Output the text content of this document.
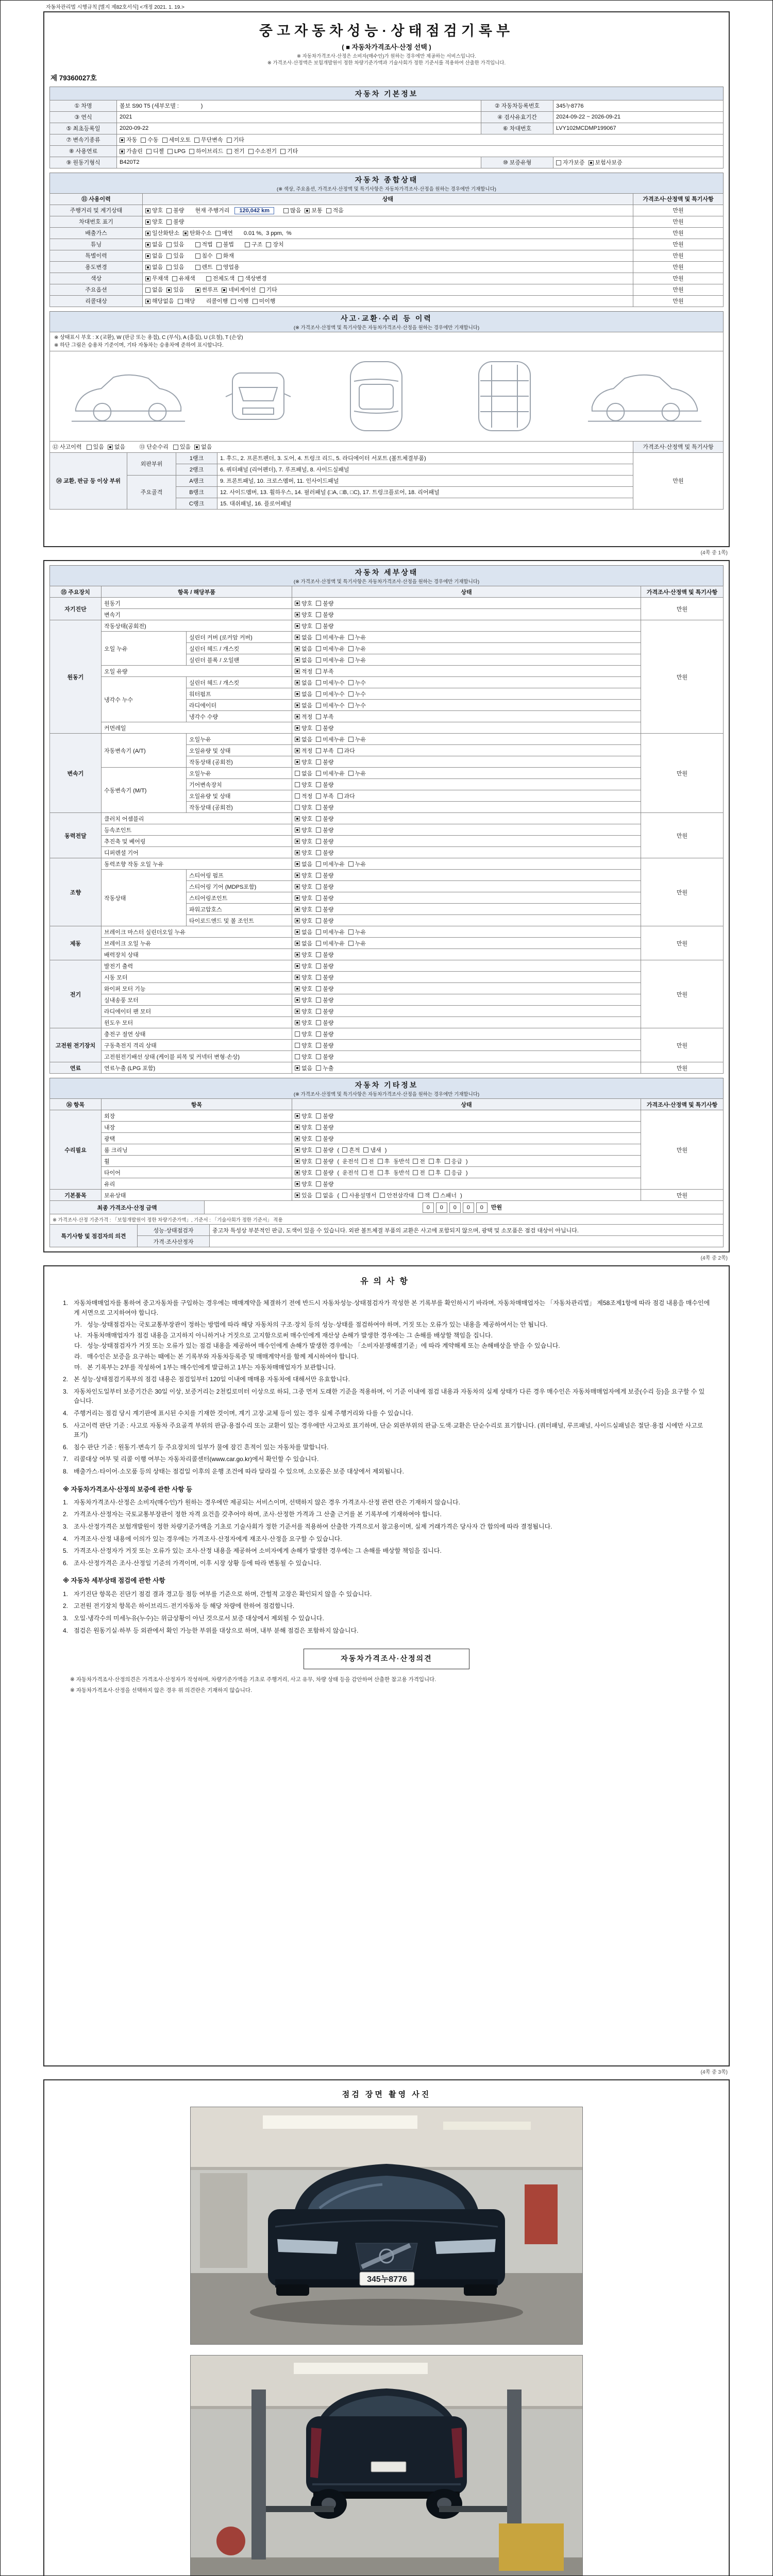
자동차관리법 시행규칙 [별지 제82호서식] <개정 2021. 1. 19.>
중고자동차성능·상태점검기록부
( ■ 자동차가격조사·산정 선택 )
※ 자동차가격조사·산정은 소비자(매수인)가 원하는 경우에만 제공하는 서비스입니다.
※ 가격조사·산정액은 보험개발원이 정한 차량기준가액과 기술사회가 정한 기준서를 적용하여 산출한 가격입니다.
제 79360027호
자동차 기본정보
① 차명	볼보 S90 T5 (세부모델 :              )	② 자동차등록번호	345누8776
③ 연식	2021	④ 검사유효기간	2024-09-22 ~ 2026-09-21
⑤ 최초등록일	2020-09-22	⑥ 차대번호	LVY102MCDMP199067
⑦ 변속기종류	자동 수동 세미오토 무단변속 기타		
⑧ 사용연료	가솔린 디젤 LPG 하이브리드 전기 수소전기 기타		
⑨ 원동기형식	B420T2	⑩ 보증유형	자가보증 보험사보증
자동차 종합상태
(※ 색상, 주요옵션, 가격조사·산정액 및 특기사항은 자동차가격조사·산정을 원하는 경우에만 기재합니다)
⑪ 사용이력	상태	가격조사·산정액 및 특기사항
주행거리 및 계기상태	양호 불량 현재 주행거리 120,042 km 많음 보통 적음	만원
차대번호 표기	양호 불량	만원
배출가스	일산화탄소 탄화수소 매연 0.01 %, 3 ppm, %	만원
튜닝	없음 있음 적법 불법 구조 장치	만원
특별이력	없음 있음 침수 화재	만원
용도변경	없음 있음 렌트 영업용	만원
색상	무채색 유채색 전체도색 색상변경	만원
주요옵션	없음 있음 썬루프 네비게이션 기타	만원
리콜대상	해당없음 해당 리콜이행 이행 미이행	만원
사고·교환·수리 등 이력
(※ 가격조사·산정액 및 특기사항은 자동차가격조사·산정을 원하는 경우에만 기재합니다)
※ 상태표시 부호 : X (교환), W (판금 또는 용접), C (부식), A (흠집), U (요철), T (손상)
※ 하단 그림은 승용차 기준이며, 기타 자동차는 승용차에 준하여 표시합니다.
⑫ 사고이력 있음 없음 ⑬ 단순수리 있음 없음				가격조사·산정액 및 특기사항
⑭ 교환, 판금 등 이상 부위	외판부위	1랭크	1. 후드, 2. 프론트펜더, 3. 도어, 4. 트렁크 리드, 5. 라디에이터 서포트 (볼트체결부품)	만원
		2랭크	6. 쿼터패널 (리어펜더), 7. 루프패널, 8. 사이드실패널	
	주요골격	A랭크	9. 프론트패널, 10. 크로스멤버, 11. 인사이드패널	
		B랭크	12. 사이드멤버, 13. 휠하우스, 14. 필러패널 (□A, □B, □C), 17. 트렁크플로어, 18. 리어패널	
		C랭크	15. 대쉬패널, 16. 플로어패널	
(4쪽 중 1쪽)
자동차 세부상태
(※ 가격조사·산정액 및 특기사항은 자동차가격조사·산정을 원하는 경우에만 기재합니다)
⑮ 주요장치	항목 / 해당부품		상태	가격조사·산정액 및 특기사항
자기진단	원동기		양호 불량	만원
	변속기		양호 불량	
원동기	작동상태(공회전)		양호 불량	만원
	오일 누유	실린더 커버 (로커암 커버)	없음 미세누유 누유	
		실린더 헤드 / 개스킷	없음 미세누유 누유	
		실린더 블록 / 오일팬	없음 미세누유 누유	
	오일 유량		적정 부족	
	냉각수 누수	실린더 헤드 / 개스킷	없음 미세누수 누수	
		워터펌프	없음 미세누수 누수	
		라디에이터	없음 미세누수 누수	
		냉각수 수량	적정 부족	
	커먼레일		양호 불량	
변속기	자동변속기 (A/T)	오일누유	없음 미세누유 누유	만원
		오일유량 및 상태	적정 부족 과다	
		작동상태 (공회전)	양호 불량	
	수동변속기 (M/T)	오일누유	없음 미세누유 누유	
		기어변속장치	양호 불량	
		오일유량 및 상태	적정 부족 과다	
		작동상태 (공회전)	양호 불량	
동력전달	클러치 어셈블리		양호 불량	만원
	등속조인트		양호 불량	
	추진축 및 베어링		양호 불량	
	디퍼렌셜 기어		양호 불량	
조향	동력조향 작동 오일 누유		없음 미세누유 누유	만원
	작동상태	스티어링 펌프	양호 불량	
		스티어링 기어 (MDPS포함)	양호 불량	
		스티어링조인트	양호 불량	
		파워고압호스	양호 불량	
		타이로드엔드 및 볼 조인트	양호 불량	
제동	브레이크 마스터 실린더오일 누유		없음 미세누유 누유	만원
	브레이크 오일 누유		없음 미세누유 누유	
	배력장치 상태		양호 불량	
전기	발전기 출력		양호 불량	만원
	시동 모터		양호 불량	
	와이퍼 모터 기능		양호 불량	
	실내송풍 모터		양호 불량	
	라디에이터 팬 모터		양호 불량	
	윈도우 모터		양호 불량	
고전원 전기장치	충전구 절연 상태		양호 불량	만원
	구동축전지 격리 상태		양호 불량	
	고전원전기배선 상태 (케이블 피복 및 커넥터 변형·손상)		양호 불량	
연료	연료누출 (LPG 포함)		없음 누출	만원
자동차 기타정보
(※ 가격조사·산정액 및 특기사항은 자동차가격조사·산정을 원하는 경우에만 기재합니다)
⑯ 항목	항목	상태	가격조사·산정액 및 특기사항
수리필요	외장	양호 불량	만원
	내장	양호 불량	
	광택	양호 불량	
	룸 크리닝	양호 불량 ( 흔적 냄새 )	
	휠	양호 불량 ( 운전석 전 후 동반석 전 후 응급 )	
	타이어	양호 불량 ( 운전석 전 후 동반석 전 후 응급 )	
	유리	양호 불량	
기본품목	보유상태	있음 없음 ( 사용설명서 안전삼각대 잭 스패너 )	만원
최종 가격조사·산정 금액	0 0 0 0 0 만원
※ 가격조사·산정 기준가격 : 「보험개발원이 정한 차량기준가액」, 기준서 : 「기술사회가 정한 기준서」 적용
특기사항 및 점검자의 의견	성능·상태점검자	중고차 특성상 부분적인 판금, 도색이 있을 수 있습니다. 외판 볼트체결 부품의 교환은 사고에 포함되지 않으며, 광택 및 소모품은 점검 대상이 아닙니다.
	가격·조사산정자	
(4쪽 중 2쪽)
유의사항
1. 자동차매매업자를 통하여 중고자동차를 구입하는 경우에는 매매계약을 체결하기 전에 반드시 자동차성능·상태점검자가 작성한 본 기록부를 확인하시기 바라며, 자동차매매업자는 「자동차관리법」 제58조제1항에 따라 점검 내용을 매수인에게 서면으로 고지하여야 합니다.
가. 성능·상태점검자는 국토교통부장관이 정하는 방법에 따라 해당 자동차의 구조·장치 등의 성능·상태를 점검하여야 하며, 거짓 또는 오류가 있는 내용을 제공하여서는 안 됩니다.
나. 자동차매매업자가 점검 내용을 고지하지 아니하거나 거짓으로 고지함으로써 매수인에게 재산상 손해가 발생한 경우에는 그 손해를 배상할 책임을 집니다.
다. 성능·상태점검자가 거짓 또는 오류가 있는 점검 내용을 제공하여 매수인에게 손해가 발생한 경우에는 「소비자분쟁해결기준」에 따라 계약해제 또는 손해배상을 받을 수 있습니다.
라. 매수인은 보증을 요구하는 때에는 본 기록부와 자동차등록증 및 매매계약서를 함께 제시하여야 합니다.
마. 본 기록부는 2부를 작성하여 1부는 매수인에게 발급하고 1부는 자동차매매업자가 보관합니다.
2. 본 성능·상태점검기록부의 점검 내용은 점검일부터 120일 이내에 매매용 자동차에 대해서만 유효합니다.
3. 자동차인도일부터 보증기간은 30일 이상, 보증거리는 2천킬로미터 이상으로 하되, 그중 먼저 도래한 기준을 적용하며, 이 기준 이내에 점검 내용과 자동차의 실제 상태가 다른 경우 매수인은 자동차매매업자에게 보증(수리 등)을 요구할 수 있습니다.
4. 주행거리는 점검 당시 계기판에 표시된 수치를 기재한 것이며, 계기 고장·교체 등이 있는 경우 실제 주행거리와 다를 수 있습니다.
5. 사고이력 판단 기준 : 사고로 자동차 주요골격 부위의 판금·용접수리 또는 교환이 있는 경우에만 사고차로 표기하며, 단순 외판부위의 판금·도색·교환은 단순수리로 표기합니다. (쿼터패널, 루프패널, 사이드실패널은 절단·용접 시에만 사고로 표기)
6. 침수 판단 기준 : 원동기·변속기 등 주요장치의 일부가 물에 잠긴 흔적이 있는 자동차를 말합니다.
7. 리콜대상 여부 및 리콜 이행 여부는 자동차리콜센터(www.car.go.kr)에서 확인할 수 있습니다.
8. 배출가스·타이어·소모품 등의 상태는 점검일 이후의 운행 조건에 따라 달라질 수 있으며, 소모품은 보증 대상에서 제외됩니다.
※ 자동차가격조사·산정의 보증에 관한 사항 등
1. 자동차가격조사·산정은 소비자(매수인)가 원하는 경우에만 제공되는 서비스이며, 선택하지 않은 경우 가격조사·산정 관련 란은 기재하지 않습니다.
2. 가격조사·산정자는 국토교통부장관이 정한 자격 요건을 갖추어야 하며, 조사·산정한 가격과 그 산출 근거를 본 기록부에 기재하여야 합니다.
3. 조사·산정가격은 보험개발원이 정한 차량기준가액을 기초로 기술사회가 정한 기준서를 적용하여 산출한 가격으로서 참고용이며, 실제 거래가격은 당사자 간 합의에 따라 결정됩니다.
4. 가격조사·산정 내용에 이의가 있는 경우에는 가격조사·산정자에게 재조사·산정을 요구할 수 있습니다.
5. 가격조사·산정자가 거짓 또는 오류가 있는 조사·산정 내용을 제공하여 소비자에게 손해가 발생한 경우에는 그 손해를 배상할 책임을 집니다.
6. 조사·산정가격은 조사·산정일 기준의 가격이며, 이후 시장 상황 등에 따라 변동될 수 있습니다.
※ 자동차 세부상태 점검에 관한 사항
1. 자기진단 항목은 진단기 점검 결과 경고등 점등 여부를 기준으로 하며, 간헐적 고장은 확인되지 않을 수 있습니다.
2. 고전원 전기장치 항목은 하이브리드·전기자동차 등 해당 차량에 한하여 점검합니다.
3. 오일·냉각수의 미세누유(누수)는 위급상황이 아닌 것으로서 보증 대상에서 제외될 수 있습니다.
4. 점검은 원동기실·하부 등 외관에서 확인 가능한 부위를 대상으로 하며, 내부 분해 점검은 포함하지 않습니다.
자동차가격조사·산정의견
※ 자동차가격조사·산정의견은 가격조사·산정자가 작성하며, 차량기준가액을 기초로 주행거리, 사고 유무, 차량 상태 등을 감안하여 산출한 참고용 가격입니다.
※ 자동차가격조사·산정을 선택하지 않은 경우 위 의견란은 기재하지 않습니다.
(4쪽 중 3쪽)
점검 장면 촬영 사진
345누8776
